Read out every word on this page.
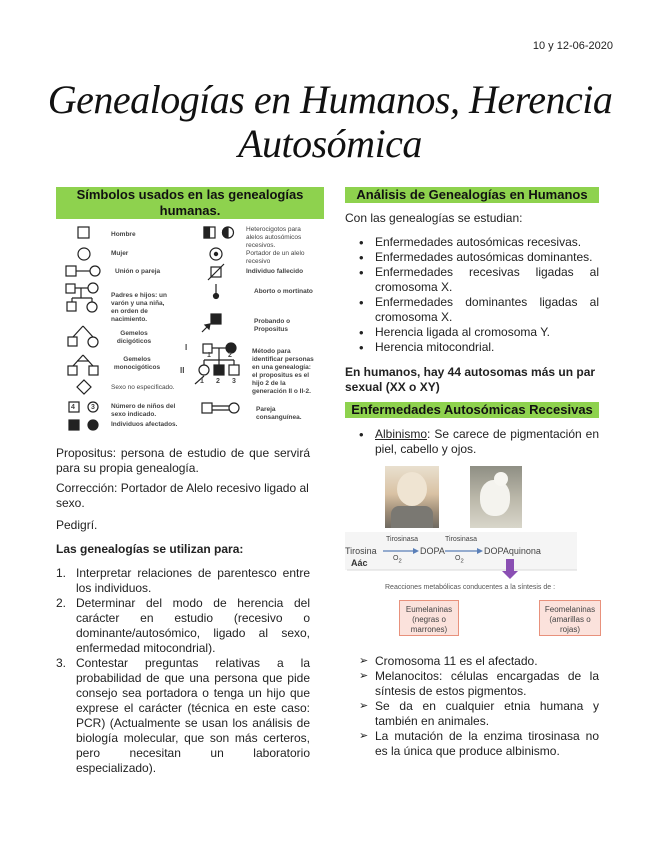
10 y 12-06-2020
Genealogías en Humanos, Herencia Autosómica
Símbolos usados en las genealogías humanas.
Hombre
Mujer
Unión o pareja
Padres e hijos: un varón y una niña, en orden de nacimiento.
Gemelos dicigóticos
Gemelos monocigóticos
Sexo no especificado.
Número de niños del sexo indicado.
Individuos afectados.
4 3
Heterocigotos para alelos autosómicos recesivos.
Portador de un alelo recesivo
Individuo fallecido
Aborto o mortinato
Probando o Propositus
Método para identificar personas en una genealogía: el propositus es el hijo 2 de la generación II o II-2.
Pareja consanguínea.
I
II
1 2
1 2 3
Propositus: persona de estudio de que servirá para su propia genealogía.
Corrección: Portador de Alelo recesivo ligado al sexo.
Pedigrí.
Las genealogías se utilizan para:
1. Interpretar relaciones de parentesco entre los individuos.
2. Determinar del modo de herencia del carácter en estudio (recesivo o dominante/autosómico, ligado al sexo, enfermedad mitocondrial).
3. Contestar preguntas relativas a la probabilidad de que una persona que pide consejo sea portadora o tenga un hijo que exprese el carácter (técnica en este caso: PCR) (Actualmente se usan los análisis de biología molecular, que son más certeros, pero necesitan un laboratorio especializado).
Análisis de Genealogías en Humanos
Con las genealogías se estudian:
• Enfermedades autosómicas recesivas.
• Enfermedades autosómicas dominantes.
• Enfermedades recesivas ligadas al cromosoma X.
• Enfermedades dominantes ligadas al cromosoma X.
• Herencia ligada al cromosoma Y.
• Herencia mitocondrial.
En humanos, hay 44 autosomas más un par sexual (XX o XY)
Enfermedades Autosómicas Recesivas
• Albinismo: Se carece de pigmentación en piel, cabello y ojos.
Tirosina
Aác
Tirosinasa
$O_2$
DOPA
Tirosinasa
$O_2$
DOPAquinona
Reacciones metabólicas conducentes a la síntesis de :
Eumelaninas
(negras o marrones)
Feomelaninas
(amarillas o rojas)
➢ Cromosoma 11 es el afectado.
➢ Melanocitos: células encargadas de la síntesis de estos pigmentos.
➢ Se da en cualquier etnia humana y también en animales.
➢ La mutación de la enzima tirosinasa no es la única que produce albinismo.
